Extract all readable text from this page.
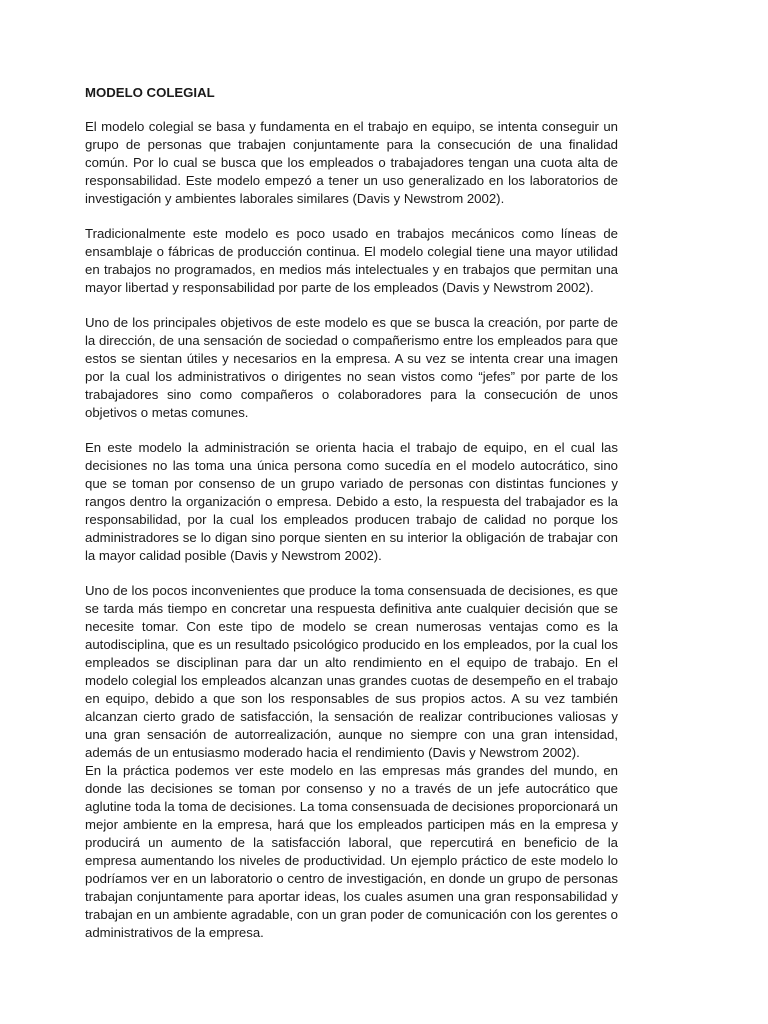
MODELO COLEGIAL

El modelo colegial se basa y fundamenta en el trabajo en equipo, se intenta conseguir un grupo de personas que trabajen conjuntamente para la consecución de una finalidad común. Por lo cual se busca que los empleados o trabajadores tengan una cuota alta de responsabilidad. Este modelo empezó a tener un uso generalizado en los laboratorios de investigación y ambientes laborales similares (Davis y Newstrom 2002).

Tradicionalmente este modelo es poco usado en trabajos mecánicos como líneas de ensamblaje o fábricas de producción continua. El modelo colegial tiene una mayor utilidad en trabajos no programados, en medios más intelectuales y en trabajos que permitan una mayor libertad y responsabilidad por parte de los empleados (Davis y Newstrom 2002).

Uno de los principales objetivos de este modelo es que se busca la creación, por parte de la dirección, de una sensación de sociedad o compañerismo entre los empleados para que estos se sientan útiles y necesarios en la empresa. A su vez se intenta crear una imagen por la cual los administrativos o dirigentes no sean vistos como “jefes” por parte de los trabajadores sino como compañeros o colaboradores para la consecución de unos objetivos o metas comunes.

En este modelo la administración se orienta hacia el trabajo de equipo, en el cual las decisiones no las toma una única persona como sucedía en el modelo autocrático, sino que se toman por consenso de un grupo variado de personas con distintas funciones y rangos dentro la organización o empresa. Debido a esto, la respuesta del trabajador es la responsabilidad, por la cual los empleados producen trabajo de calidad no porque los administradores se lo digan sino porque sienten en su interior la obligación de trabajar con la mayor calidad posible (Davis y Newstrom 2002).

Uno de los pocos inconvenientes que produce la toma consensuada de decisiones, es que se tarda más tiempo en concretar una respuesta definitiva ante cualquier decisión que se necesite tomar. Con este tipo de modelo se crean numerosas ventajas como es la autodisciplina, que es un resultado psicológico producido en los empleados, por la cual los empleados se disciplinan para dar un alto rendimiento en el equipo de trabajo. En el modelo colegial los empleados alcanzan unas grandes cuotas de desempeño en el trabajo en equipo, debido a que son los responsables de sus propios actos. A su vez también alcanzan cierto grado de satisfacción, la sensación de realizar contribuciones valiosas y una gran sensación de autorrealización, aunque no siempre con una gran intensidad, además de un entusiasmo moderado hacia el rendimiento (Davis y Newstrom 2002).

En la práctica podemos ver este modelo en las empresas más grandes del mundo, en donde las decisiones se toman por consenso y no a través de un jefe autocrático que aglutine toda la toma de decisiones. La toma consensuada de decisiones proporcionará un mejor ambiente en la empresa, hará que los empleados participen más en la empresa y producirá un aumento de la satisfacción laboral, que repercutirá en beneficio de la empresa aumentando los niveles de productividad. Un ejemplo práctico de este modelo lo podríamos ver en un laboratorio o centro de investigación, en donde un grupo de personas trabajan conjuntamente para aportar ideas, los cuales asumen una gran responsabilidad y trabajan en un ambiente agradable, con un gran poder de comunicación con los gerentes o administrativos de la empresa.
